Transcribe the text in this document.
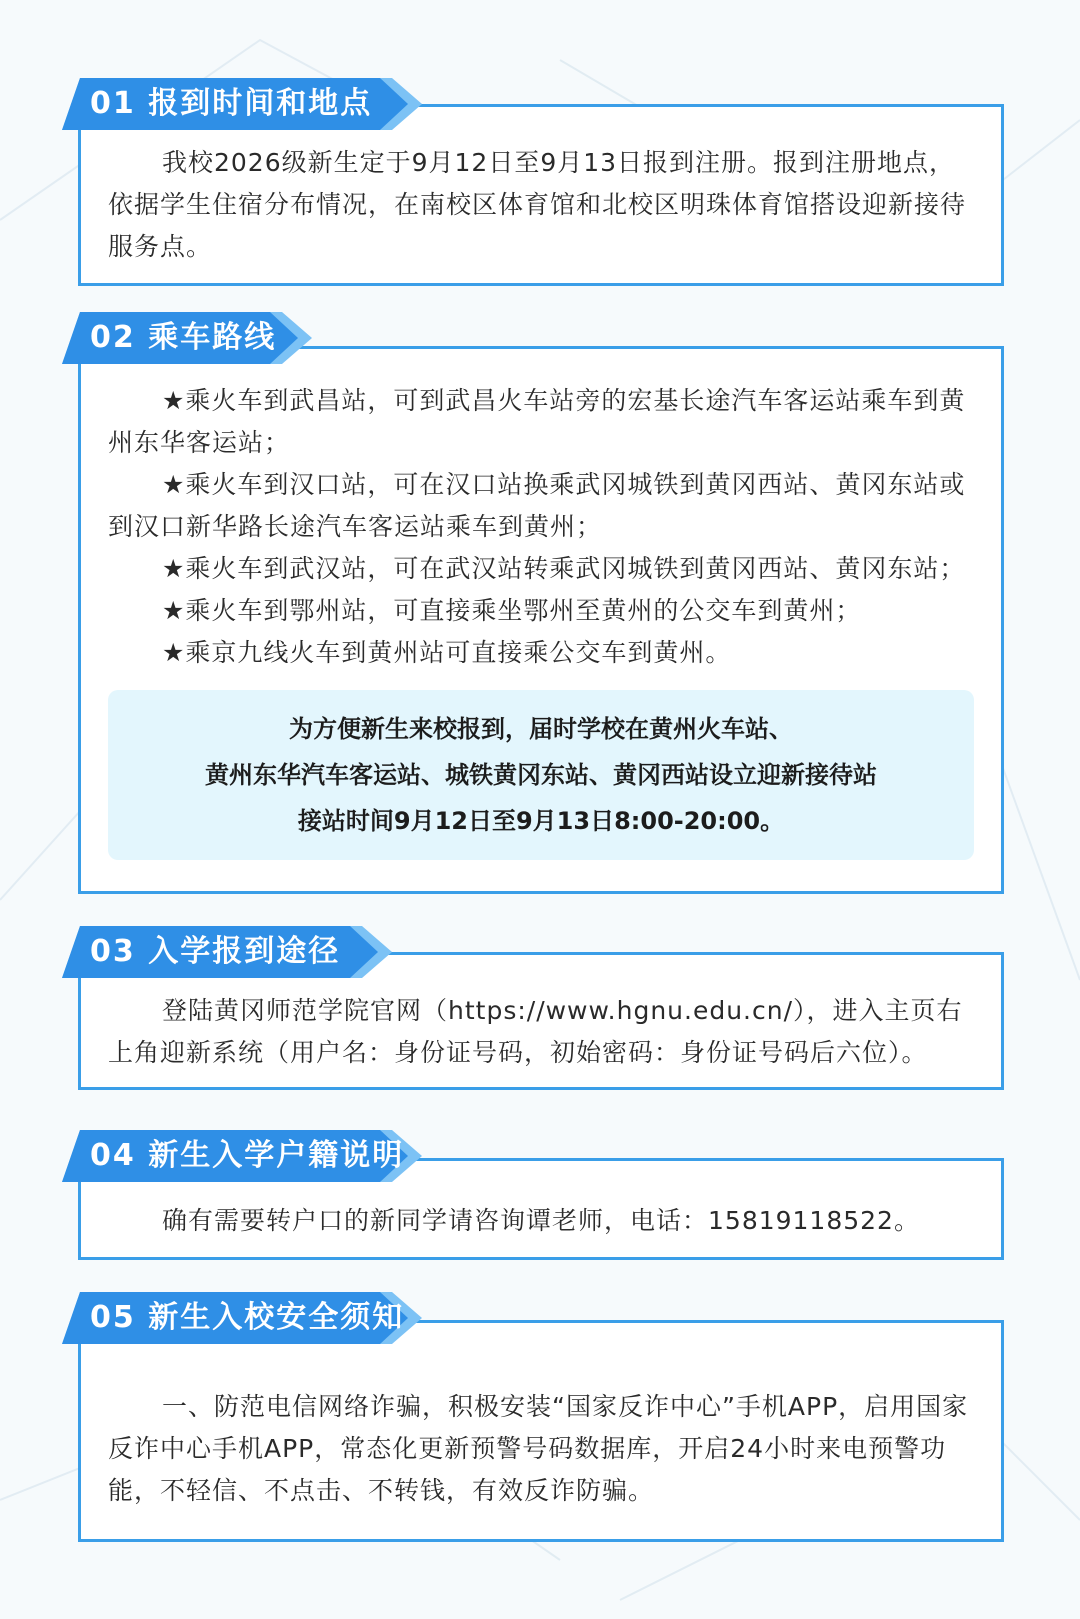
01 报到时间和地点

我校2026级新生定于9月12日至9月13日报到注册。报到注册地点，依据学生住宿分布情况，在南校区体育馆和北校区明珠体育馆搭设迎新接待服务点。

02 乘车路线

★乘火车到武昌站，可到武昌火车站旁的宏基长途汽车客运站乘车到黄州东华客运站；

★乘火车到汉口站，可在汉口站换乘武冈城铁到黄冈西站、黄冈东站或到汉口新华路长途汽车客运站乘车到黄州；

★乘火车到武汉站，可在武汉站转乘武冈城铁到黄冈西站、黄冈东站；

★乘火车到鄂州站，可直接乘坐鄂州至黄州的公交车到黄州；

★乘京九线火车到黄州站可直接乘公交车到黄州。

为方便新生来校报到，届时学校在黄州火车站、
黄州东华汽车客运站、城铁黄冈东站、黄冈西站设立迎新接待站
接站时间9月12日至9月13日8:00-20:00。
03 入学报到途径

登陆黄冈师范学院官网（https://www.hgnu.edu.cn/），进入主页右上角迎新系统（用户名：身份证号码，初始密码：身份证号码后六位）。

04 新生入学户籍说明

确有需要转户口的新同学请咨询谭老师，电话：15819118522。

05 新生入校安全须知

一、防范电信网络诈骗，积极安装“国家反诈中心”手机APP，启用国家反诈中心手机APP，常态化更新预警号码数据库，开启24小时来电预警功能，不轻信、不点击、不转钱，有效反诈防骗。
